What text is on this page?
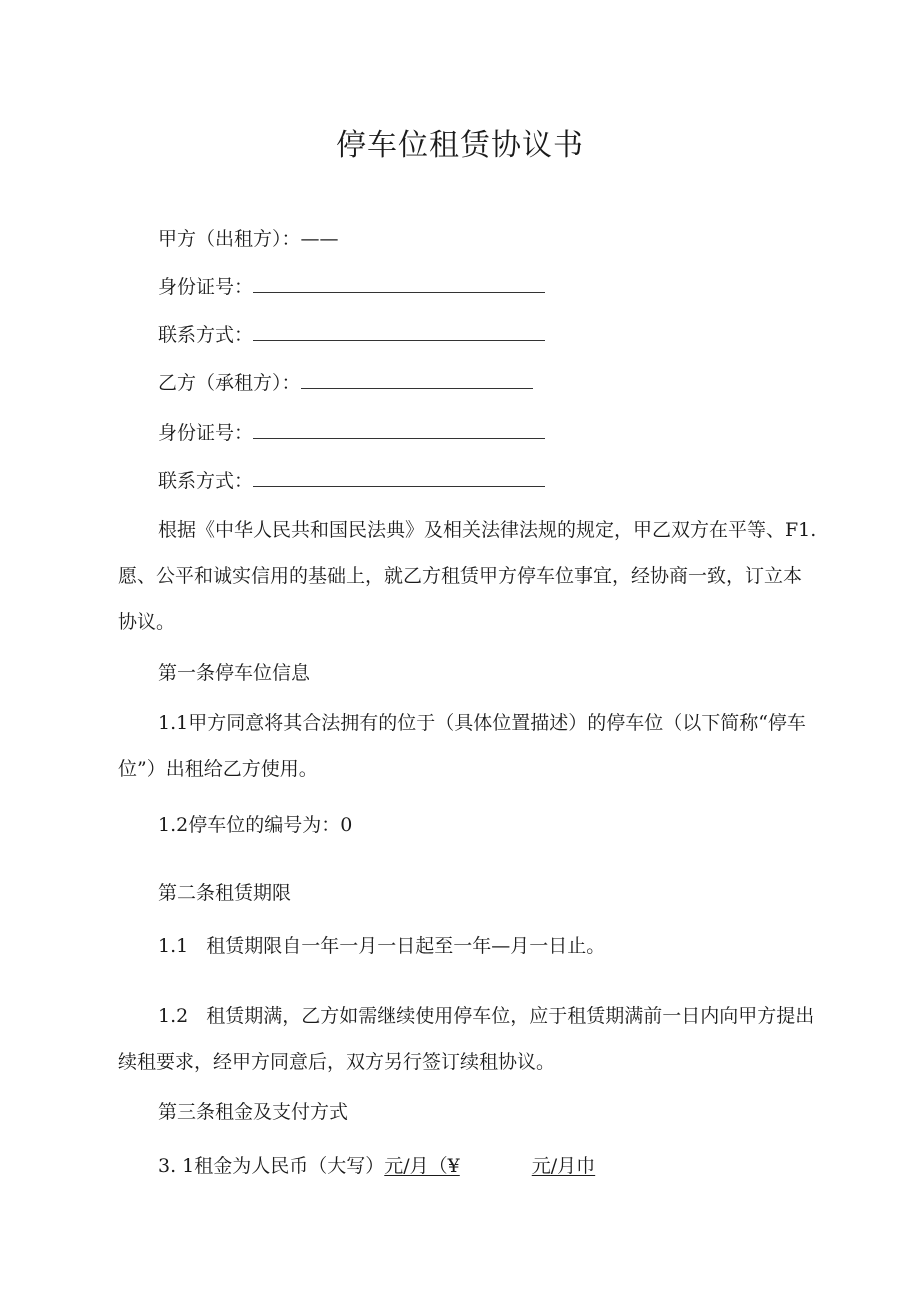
停车位租赁协议书
甲方（出租方）：——
身份证号：
联系方式：
乙方（承租方）：
身份证号：
联系方式：
根据《中华人民共和国民法典》及相关法律法规的规定，甲乙双方在平等、F1.愿、公平和诚实信用的基础上，就乙方租赁甲方停车位事宜，经协商一致，订立本协议。
第一条停车位信息
1.1甲方同意将其合法拥有的位于（具体位置描述）的停车位（以下简称“停车位”）出租给乙方使用。
1.2停车位的编号为：0
第二条租赁期限
1.1 租赁期限自一年一月一日起至一年—月一日止。
1.2 租赁期满，乙方如需继续使用停车位，应于租赁期满前一日内向甲方提出续租要求，经甲方同意后，双方另行签订续租协议。
第三条租金及支付方式
3. 1租金为人民币（大写）元/月（¥	元/月巾
